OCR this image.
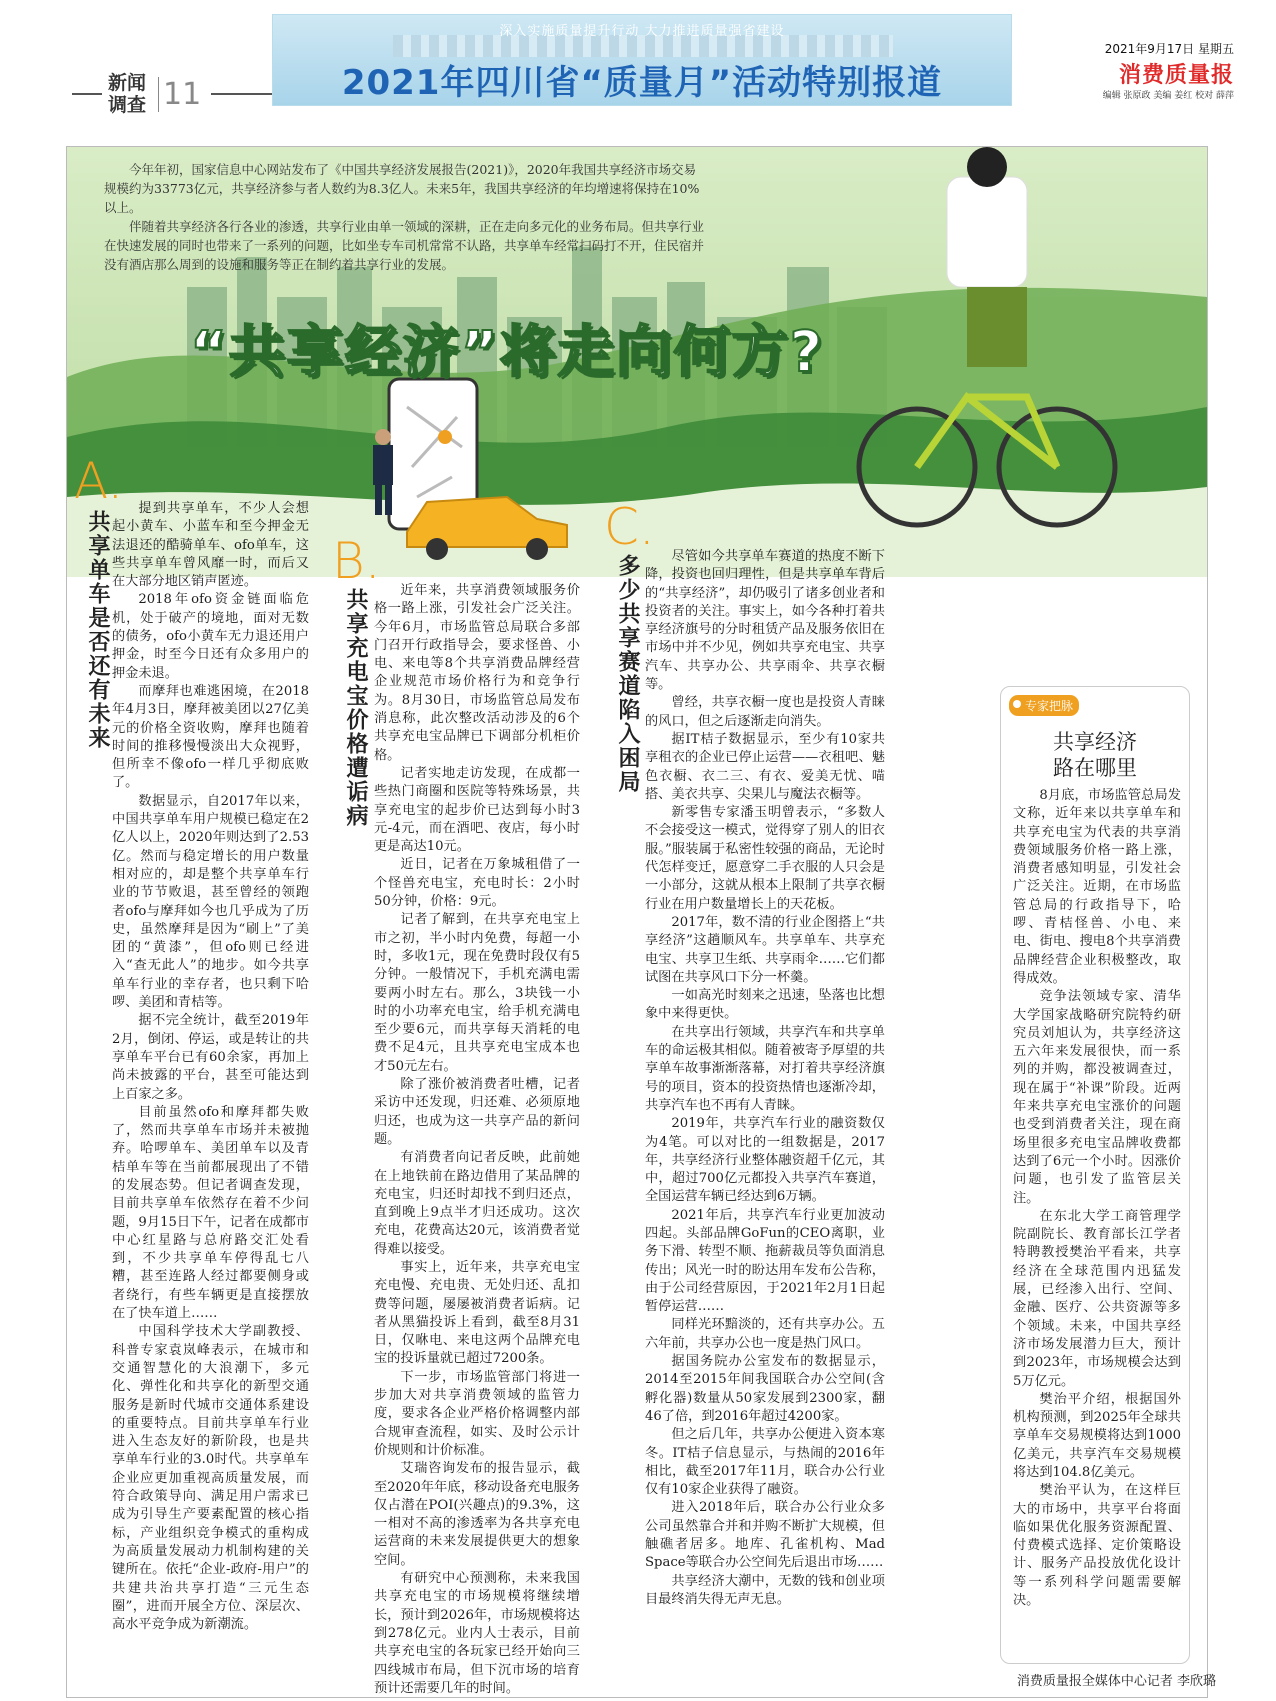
新闻调查 11
深入实施质量提升行动 大力推进质量强省建设
2021年四川省“质量月”活动特别报道
2021年9月17日 星期五
消费质量报
编辑 张原政 美编 姜红 校对 薛萍

今年年初，国家信息中心网站发布了《中国共享经济发展报告(2021)》，2020年我国共享经济市场交易规模约为33773亿元，共享经济参与者人数约为8.3亿人。未来5年，我国共享经济的年均增速将保持在10%以上。

伴随着共享经济各行各业的渗透，共享行业由单一领域的深耕，正在走向多元化的业务布局。但共享行业在快速发展的同时也带来了一系列的问题，比如坐专车司机常常不认路，共享单车经常扫码打不开，住民宿并没有酒店那么周到的设施和服务等正在制约着共享行业的发展。

“共享经济”将走向何方?
A.
共享单车是否还有未来

提到共享单车，不少人会想起小黄车、小蓝车和至今押金无法退还的酷骑单车、ofo单车，这些共享单车曾风靡一时，而后又在大部分地区销声匿迹。

2018年ofo资金链面临危机，处于破产的境地，面对无数的债务，ofo小黄车无力退还用户押金，时至今日还有众多用户的押金未退。

而摩拜也难逃困境，在2018年4月3日，摩拜被美团以27亿美元的价格全资收购，摩拜也随着时间的推移慢慢淡出大众视野，但所幸不像ofo一样几乎彻底败了。

数据显示，自2017年以来，中国共享单车用户规模已稳定在2亿人以上，2020年则达到了2.53亿。然而与稳定增长的用户数量相对应的，却是整个共享单车行业的节节败退，甚至曾经的领跑者ofo与摩拜如今也几乎成为了历史，虽然摩拜是因为“刷上”了美团的“黄漆”，但ofo则已经进入“查无此人”的地步。如今共享单车行业的幸存者，也只剩下哈啰、美团和青桔等。

据不完全统计，截至2019年2月，倒闭、停运，或是转让的共享单车平台已有60余家，再加上尚未披露的平台，甚至可能达到上百家之多。

目前虽然ofo和摩拜都失败了，然而共享单车市场并未被抛弃。哈啰单车、美团单车以及青桔单车等在当前都展现出了不错的发展态势。但记者调查发现，目前共享单车依然存在着不少问题，9月15日下午，记者在成都市中心红星路与总府路交汇处看到，不少共享单车停得乱七八糟，甚至连路人经过都要侧身或者绕行，有些车辆更是直接摆放在了快车道上……

中国科学技术大学副教授、科普专家袁岚峰表示，在城市和交通智慧化的大浪潮下，多元化、弹性化和共享化的新型交通服务是新时代城市交通体系建设的重要特点。目前共享单车行业进入生态友好的新阶段，也是共享单车行业的3.0时代。共享单车企业应更加重视高质量发展，而符合政策导向、满足用户需求已成为引导生产要素配置的核心指标，产业组织竞争模式的重构成为高质量发展动力机制构建的关键所在。依托“企业-政府-用户”的共建共治共享打造“三元生态圈”，进而开展全方位、深层次、高水平竞争成为新潮流。

B.
共享充电宝价格遭诟病	近年来，共享消费领域服务价格一路上涨，引发社会广泛关注。今年6月，市场监管总局联合多部门召开行政指导会，要求怪兽、小电、来电等8个共享消费品牌经营企业规范市场价格行为和竞争行为。8月30日，市场监管总局发布消息称，此次整改活动涉及的6个共享充电宝品牌已下调部分机柜价格。

记者实地走访发现，在成都一些热门商圈和医院等特殊场景，共享充电宝的起步价已达到每小时3元-4元，而在酒吧、夜店，每小时更是高达10元。

近日，记者在万象城租借了一个怪兽充电宝，充电时长：2小时50分钟，价格：9元。

记者了解到，在共享充电宝上市之初，半小时内免费，每超一小时，多收1元，现在免费时段仅有5分钟。一般情况下，手机充满电需要两小时左右。那么，3块钱一小时的小功率充电宝，给手机充满电至少要6元，而共享每天消耗的电费不足4元，且共享充电宝成本也才50元左右。

除了涨价被消费者吐槽，记者采访中还发现，归还难、必须原地归还，也成为这一共享产品的新问题。

有消费者向记者反映，此前她在上地铁前在路边借用了某品牌的充电宝，归还时却找不到归还点，直到晚上9点半才归还成功。这次充电，花费高达20元，该消费者觉得难以接受。

事实上，近年来，共享充电宝充电慢、充电贵、无处归还、乱扣费等问题，屡屡被消费者诟病。记者从黑猫投诉上看到，截至8月31日，仅咻电、来电这两个品牌充电宝的投诉量就已超过7200条。

下一步，市场监管部门将进一步加大对共享消费领域的监管力度，要求各企业严格价格调整内部合规审查流程，如实、及时公示计价规则和计价标准。

艾瑞咨询发布的报告显示，截至2020年年底，移动设备充电服务仅占潜在POI(兴趣点)的9.3%，这一相对不高的渗透率为各共享充电运营商的未来发展提供更大的想象空间。

有研究中心预测称，未来我国共享充电宝的市场规模将继续增长，预计到2026年，市场规模将达到278亿元。业内人士表示，目前共享充电宝的各玩家已经开始向三四线城市布局，但下沉市场的培育预计还需要几年的时间。

C.
多少共享赛道陷入困局	尽管如今共享单车赛道的热度不断下降，投资也回归理性，但是共享单车背后的“共享经济”，却仍吸引了诸多创业者和投资者的关注。事实上，如今各种打着共享经济旗号的分时租赁产品及服务依旧在市场中并不少见，例如共享充电宝、共享汽车、共享办公、共享雨伞、共享衣橱等。

曾经，共享衣橱一度也是投资人青睐的风口，但之后逐渐走向消失。

据IT桔子数据显示，至少有10家共享租衣的企业已停止运营——衣租吧、魅色衣橱、衣二三、有衣、爱美无忧、喵搭、美衣共享、尖果儿与魔法衣橱等。

新零售专家潘玉明曾表示，“多数人不会接受这一模式，觉得穿了别人的旧衣服。”服装属于私密性较强的商品，无论时代怎样变迁，愿意穿二手衣服的人只会是一小部分，这就从根本上限制了共享衣橱行业在用户数量增长上的天花板。

2017年，数不清的行业企图搭上“共享经济”这趟顺风车。共享单车、共享充电宝、共享卫生纸、共享雨伞……它们都试图在共享风口下分一杯羹。

一如高光时刻来之迅速，坠落也比想象中来得更快。

在共享出行领域，共享汽车和共享单车的命运极其相似。随着被寄予厚望的共享单车故事渐渐落幕，对打着共享经济旗号的项目，资本的投资热情也逐渐冷却，共享汽车也不再有人青睐。

2019年，共享汽车行业的融资数仅为4笔。可以对比的一组数据是，2017年，共享经济行业整体融资超千亿元，其中，超过700亿元都投入共享汽车赛道，全国运营车辆已经达到6万辆。

2021年后，共享汽车行业更加波动四起。头部品牌GoFun的CEO离职，业务下滑、转型不顺、拖薪裁员等负面消息传出；风光一时的盼达用车发布公告称，由于公司经营原因，于2021年2月1日起暂停运营……

同样光环黯淡的，还有共享办公。五六年前，共享办公也一度是热门风口。

据国务院办公室发布的数据显示，2014至2015年间我国联合办公空间(含孵化器)数量从50家发展到2300家，翻46了倍，到2016年超过4200家。

但之后几年，共享办公便进入资本寒冬。IT桔子信息显示，与热闹的2016年相比，截至2017年11月，联合办公行业仅有10家企业获得了融资。

进入2018年后，联合办公行业众多公司虽然靠合并和并购不断扩大规模，但触礁者居多。地库、孔雀机构、Mad Space等联合办公空间先后退出市场……

共享经济大潮中，无数的钱和创业项目最终消失得无声无息。

专家把脉
共享经济
路在哪里

8月底，市场监管总局发文称，近年来以共享单车和共享充电宝为代表的共享消费领域服务价格一路上涨，消费者感知明显，引发社会广泛关注。近期，在市场监管总局的行政指导下，哈啰、青桔怪兽、小电、来电、街电、搜电8个共享消费品牌经营企业积极整改，取得成效。

竞争法领域专家、清华大学国家战略研究院特约研究员刘旭认为，共享经济这五六年来发展很快，而一系列的并购，都没被调查过，现在属于“补课”阶段。近两年来共享充电宝涨价的问题也受到消费者关注，现在商场里很多充电宝品牌收费都达到了6元一个小时。因涨价问题，也引发了监管层关注。

在东北大学工商管理学院副院长、教育部长江学者特聘教授樊治平看来，共享经济在全球范围内迅猛发展，已经渗入出行、空间、金融、医疗、公共资源等多个领域。未来，中国共享经济市场发展潜力巨大，预计到2023年，市场规模会达到5万亿元。

樊治平介绍，根据国外机构预测，到2025年全球共享单车交易规模将达到1000亿美元，共享汽车交易规模将达到104.8亿美元。

樊治平认为，在这样巨大的市场中，共享平台将面临如果优化服务资源配置、付费模式选择、定价策略设计、服务产品投放优化设计等一系列科学问题需要解决。

消费质量报全媒体中心记者 李欣璐
